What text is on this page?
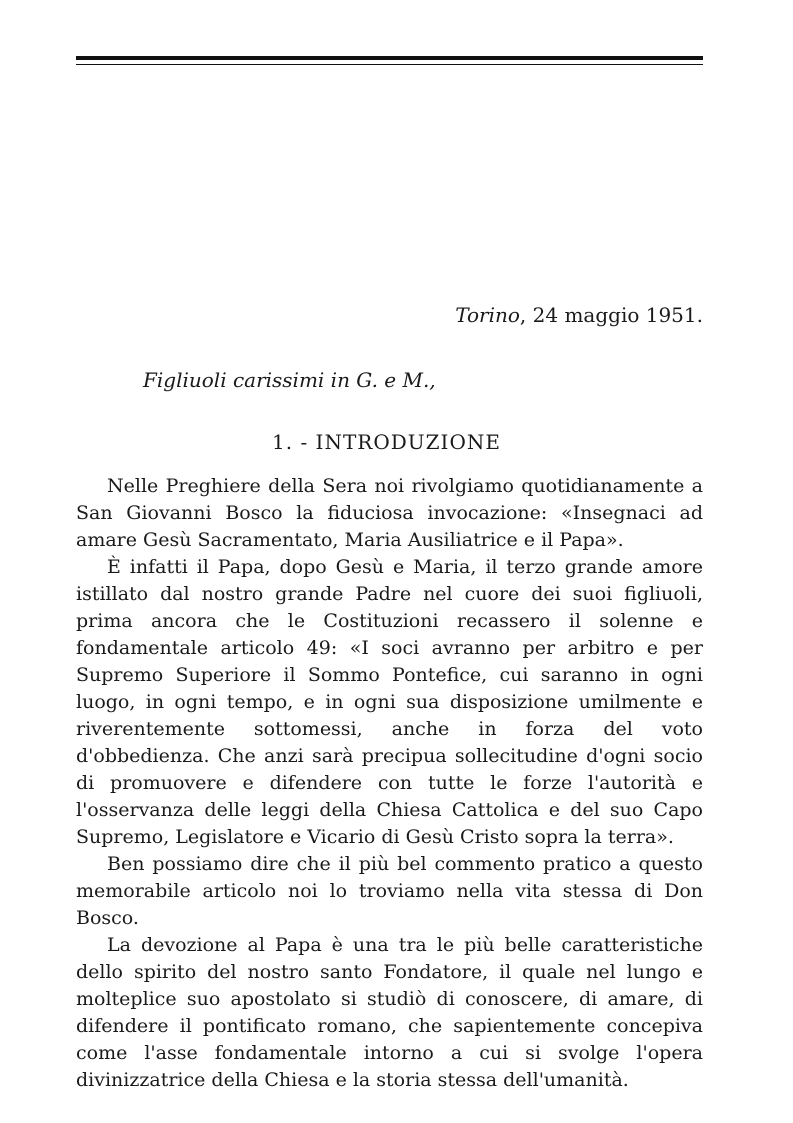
Torino, 24 maggio 1951.
Figliuoli carissimi in G. e M.,
1. - INTRODUZIONE

Nelle Preghiere della Sera noi rivolgiamo quotidianamente a San Giovanni Bosco la fiduciosa invocazione: «Insegnaci ad amare Gesù Sacramentato, Maria Ausiliatrice e il Papa».

È infatti il Papa, dopo Gesù e Maria, il terzo grande amore istillato dal nostro grande Padre nel cuore dei suoi figliuoli, prima ancora che le Costituzioni recassero il solenne e fondamentale articolo 49: «I soci avranno per arbitro e per Supremo Superiore il Sommo Pontefice, cui saranno in ogni luogo, in ogni tempo, e in ogni sua disposizione umilmente e riverentemente sottomessi, anche in forza del voto d'obbedienza. Che anzi sarà precipua sollecitudine d'ogni socio di promuovere e difendere con tutte le forze l'autorità e l'osservanza delle leggi della Chiesa Cattolica e del suo Capo Supremo, Legislatore e Vicario di Gesù Cristo sopra la terra».

Ben possiamo dire che il più bel commento pratico a questo memorabile articolo noi lo troviamo nella vita stessa di Don Bosco.

La devozione al Papa è una tra le più belle caratteristiche dello spirito del nostro santo Fondatore, il quale nel lungo e molteplice suo apostolato si studiò di conoscere, di amare, di difendere il pontificato romano, che sapientemente concepiva come l'asse fondamentale intorno a cui si svolge l'opera divinizzatrice della Chiesa e la storia stessa dell'umanità.
